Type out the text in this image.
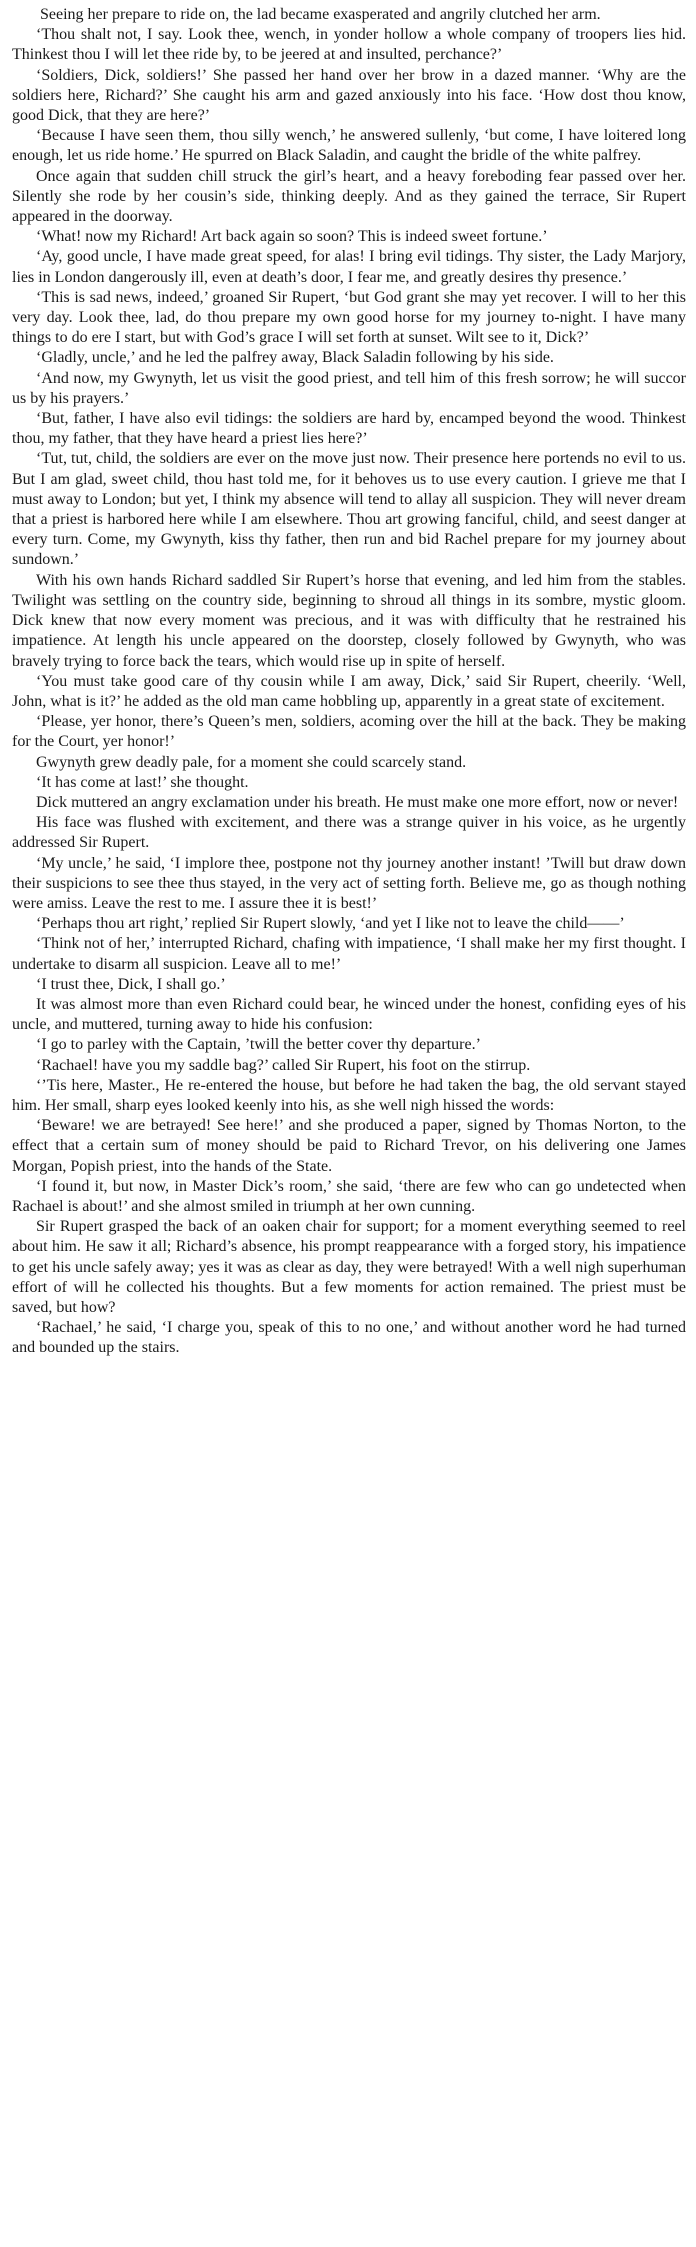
Seeing her prepare to ride on, the lad became exasperated and angrily clutched her arm.

‘Thou shalt not, I say. Look thee, wench, in yonder hollow a whole company of troopers lies hid. Thinkest thou I will let thee ride by, to be jeered at and insulted, perchance?’

‘Soldiers, Dick, soldiers!’ She passed her hand over her brow in a dazed manner. ‘Why are the soldiers here, Richard?’ She caught his arm and gazed anxiously into his face. ‘How dost thou know, good Dick, that they are here?’

‘Because I have seen them, thou silly wench,’ he answered sullenly, ‘but come, I have loitered long enough, let us ride home.’ He spurred on Black Saladin, and caught the bridle of the white palfrey.

Once again that sudden chill struck the girl’s heart, and a heavy foreboding fear passed over her. Silently she rode by her cousin’s side, thinking deeply. And as they gained the terrace, Sir Rupert appeared in the doorway.

‘What! now my Richard! Art back again so soon? This is indeed sweet fortune.’

‘Ay, good uncle, I have made great speed, for alas! I bring evil tidings. Thy sister, the Lady Marjory, lies in London dangerously ill, even at death’s door, I fear me, and greatly desires thy presence.’

‘This is sad news, indeed,’ groaned Sir Rupert, ‘but God grant she may yet recover. I will to her this very day. Look thee, lad, do thou prepare my own good horse for my journey to-night. I have many things to do ere I start, but with God’s grace I will set forth at sunset. Wilt see to it, Dick?’

‘Gladly, uncle,’ and he led the palfrey away, Black Saladin following by his side.

‘And now, my Gwynyth, let us visit the good priest, and tell him of this fresh sorrow; he will succor us by his prayers.’

‘But, father, I have also evil tidings: the soldiers are hard by, encamped beyond the wood. Thinkest thou, my father, that they have heard a priest lies here?’

‘Tut, tut, child, the soldiers are ever on the move just now. Their presence here portends no evil to us. But I am glad, sweet child, thou hast told me, for it behoves us to use every caution. I grieve me that I must away to London; but yet, I think my absence will tend to allay all suspicion. They will never dream that a priest is harbored here while I am elsewhere. Thou art growing fanciful, child, and seest danger at every turn. Come, my Gwynyth, kiss thy father, then run and bid Rachel prepare for my journey about sundown.’

With his own hands Richard saddled Sir Rupert’s horse that evening, and led him from the stables. Twilight was settling on the country side, beginning to shroud all things in its sombre, mystic gloom. Dick knew that now every moment was precious, and it was with difficulty that he restrained his impatience. At length his uncle appeared on the doorstep, closely followed by Gwynyth, who was bravely trying to force back the tears, which would rise up in spite of herself.

‘You must take good care of thy cousin while I am away, Dick,’ said Sir Rupert, cheerily. ‘Well, John, what is it?’ he added as the old man came hobbling up, apparently in a great state of excitement.

‘Please, yer honor, there’s Queen’s men, soldiers, acoming over the hill at the back. They be making for the Court, yer honor!’

Gwynyth grew deadly pale, for a moment she could scarcely stand.

‘It has come at last!’ she thought.

Dick muttered an angry exclamation under his breath. He must make one more effort, now or never!

His face was flushed with excitement, and there was a strange quiver in his voice, as he urgently addressed Sir Rupert.

‘My uncle,’ he said, ‘I implore thee, postpone not thy journey another instant! ’Twill but draw down their suspicions to see thee thus stayed, in the very act of setting forth. Believe me, go as though nothing were amiss. Leave the rest to me. I assure thee it is best!’

‘Perhaps thou art right,’ replied Sir Rupert slowly, ‘and yet I like not to leave the child——’

‘Think not of her,’ interrupted Richard, chafing with impatience, ‘I shall make her my first thought. I undertake to disarm all suspicion. Leave all to me!’

‘I trust thee, Dick, I shall go.’

It was almost more than even Richard could bear, he winced under the honest, confiding eyes of his uncle, and muttered, turning away to hide his confusion:

‘I go to parley with the Captain, ’twill the better cover thy departure.’

‘Rachael! have you my saddle bag?’ called Sir Rupert, his foot on the stirrup.

‘’Tis here, Master., He re-entered the house, but before he had taken the bag, the old servant stayed him. Her small, sharp eyes looked keenly into his, as she well nigh hissed the words:

‘Beware! we are betrayed! See here!’ and she produced a paper, signed by Thomas Norton, to the effect that a certain sum of money should be paid to Richard Trevor, on his delivering one James Morgan, Popish priest, into the hands of the State.

‘I found it, but now, in Master Dick’s room,’ she said, ‘there are few who can go undetected when Rachael is about!’ and she almost smiled in triumph at her own cunning.

Sir Rupert grasped the back of an oaken chair for support; for a moment everything seemed to reel about him. He saw it all; Richard’s absence, his prompt reappearance with a forged story, his impatience to get his uncle safely away; yes it was as clear as day, they were betrayed! With a well nigh superhuman effort of will he collected his thoughts. But a few moments for action remained. The priest must be saved, but how?

‘Rachael,’ he said, ‘I charge you, speak of this to no one,’ and without another word he had turned and bounded up the stairs.
